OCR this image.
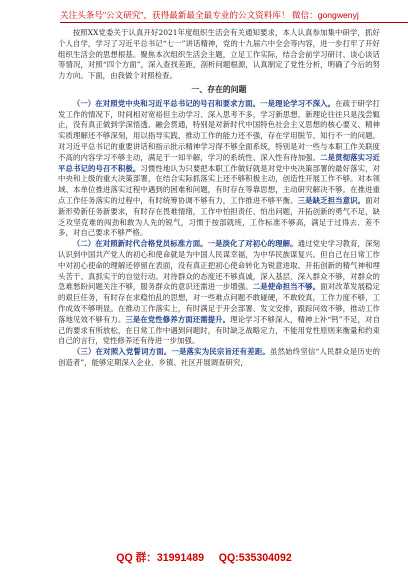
关注头条号"公文研究"，获得最新最全最专业的公文资料库！ 微信：gongwenyj

按照XX党委关于认真开好2021年度组织生活会有关通知要求，本人认真参加集中研学，抓好个人自学，学习了习近平总书记“七一”讲话精神，党的十九届六中全会等内容，进一步打牢了开好组织生活会的思想根基。聚焦本次组织生活会主题，立足工作实际，结合会前学习研讨、谈心谈话等情况，对照“四个方面”，深入查找差距，剖析问题根源，认真制定了党性分析，明确了今后的努力方向。下面，由我做个对照检查。

一、存在的问题

（一）在对照党中央和习近平总书记的号召和要求方面。一是理论学习不深入。在疏于研学打发工作的情况下，时间相对宽裕但主动学习、深入思考不多，学习新思想、新理论往往只是浅尝辄止，没有真正做到学深悟透、融会贯通，特别是对新时代中国特色社会主义思想的核心要义、精神实质理解还不够深刻，用以指导实践、推动工作的能力还不强，存在学用脱节、知行不一的问题。对习近平总书记的重要讲话和指示批示精神学习得不够全面系统，特别是对一些与本职工作关联度不高的内容学习不够主动，满足于一知半解，学习的系统性、深入性有待加强。二是贯彻落实习近平总书记的号召不积极。习惯性地认为只要把本职工作做好就是对党中央决策部署的最好落实，对中央和上级的重大决策部署，在结合实际抓落实上还不够积极主动，创造性开展工作不够。对本领域、本单位推进落实过程中遇到的困难和问题，有时存在等靠思想，主动研究解决不够。在推进重点工作任务落实的过程中，有时统筹协调不够有力，工作推进不够平衡。三是缺乏担当意识。面对新形势新任务新要求，有时存在畏难情绪，工作中怕担责任、怕出问题，开拓创新的勇气不足，缺乏攻坚克难的闯劲和敢为人先的锐气，习惯于按部就班，工作标准不够高，满足于过得去、差不多，对自己要求不够严格。

（二）在对照新时代合格党员标准方面。一是淡化了对初心的理解。通过党史学习教育，深刻认识到中国共产党人的初心和使命就是为中国人民谋幸福，为中华民族谋复兴。但自己在日常工作中对初心使命的理解还停留在表面，没有真正把初心使命转化为锐意进取、开拓创新的精气神和埋头苦干、真抓实干的自觉行动。对待群众的态度还不够真诚，深入基层、深入群众不够，对群众的急难愁盼问题关注不够，服务群众的意识还需进一步增强。二是使命担当不够。面对改革发展稳定的艰巨任务，有时存在求稳怕乱的思想，对一些难点问题不敢碰硬，不敢较真，工作力度不够，工作成效不够明显。在推动工作落实上，有时满足于开会部署、发文安排，跟踪问效不够，推动工作落地见效不够有力。三是在党性修养方面还需提升。理论学习不够深入，精神上补“钙”不足，对自己的要求有所放松，在日常工作中遇到问题时，有时缺乏战略定力，不能用党性原则来衡量和约束自己的言行，党性修养还有待进一步加强。

（三）在对照入党誓词方面。一是落实为民宗旨还有差距。虽然始终坚信“人民群众是历史的创造者”，能够定期深入企业、乡镇、社区开展调查研究，

QQ 群：31991489 QQ:535304092
